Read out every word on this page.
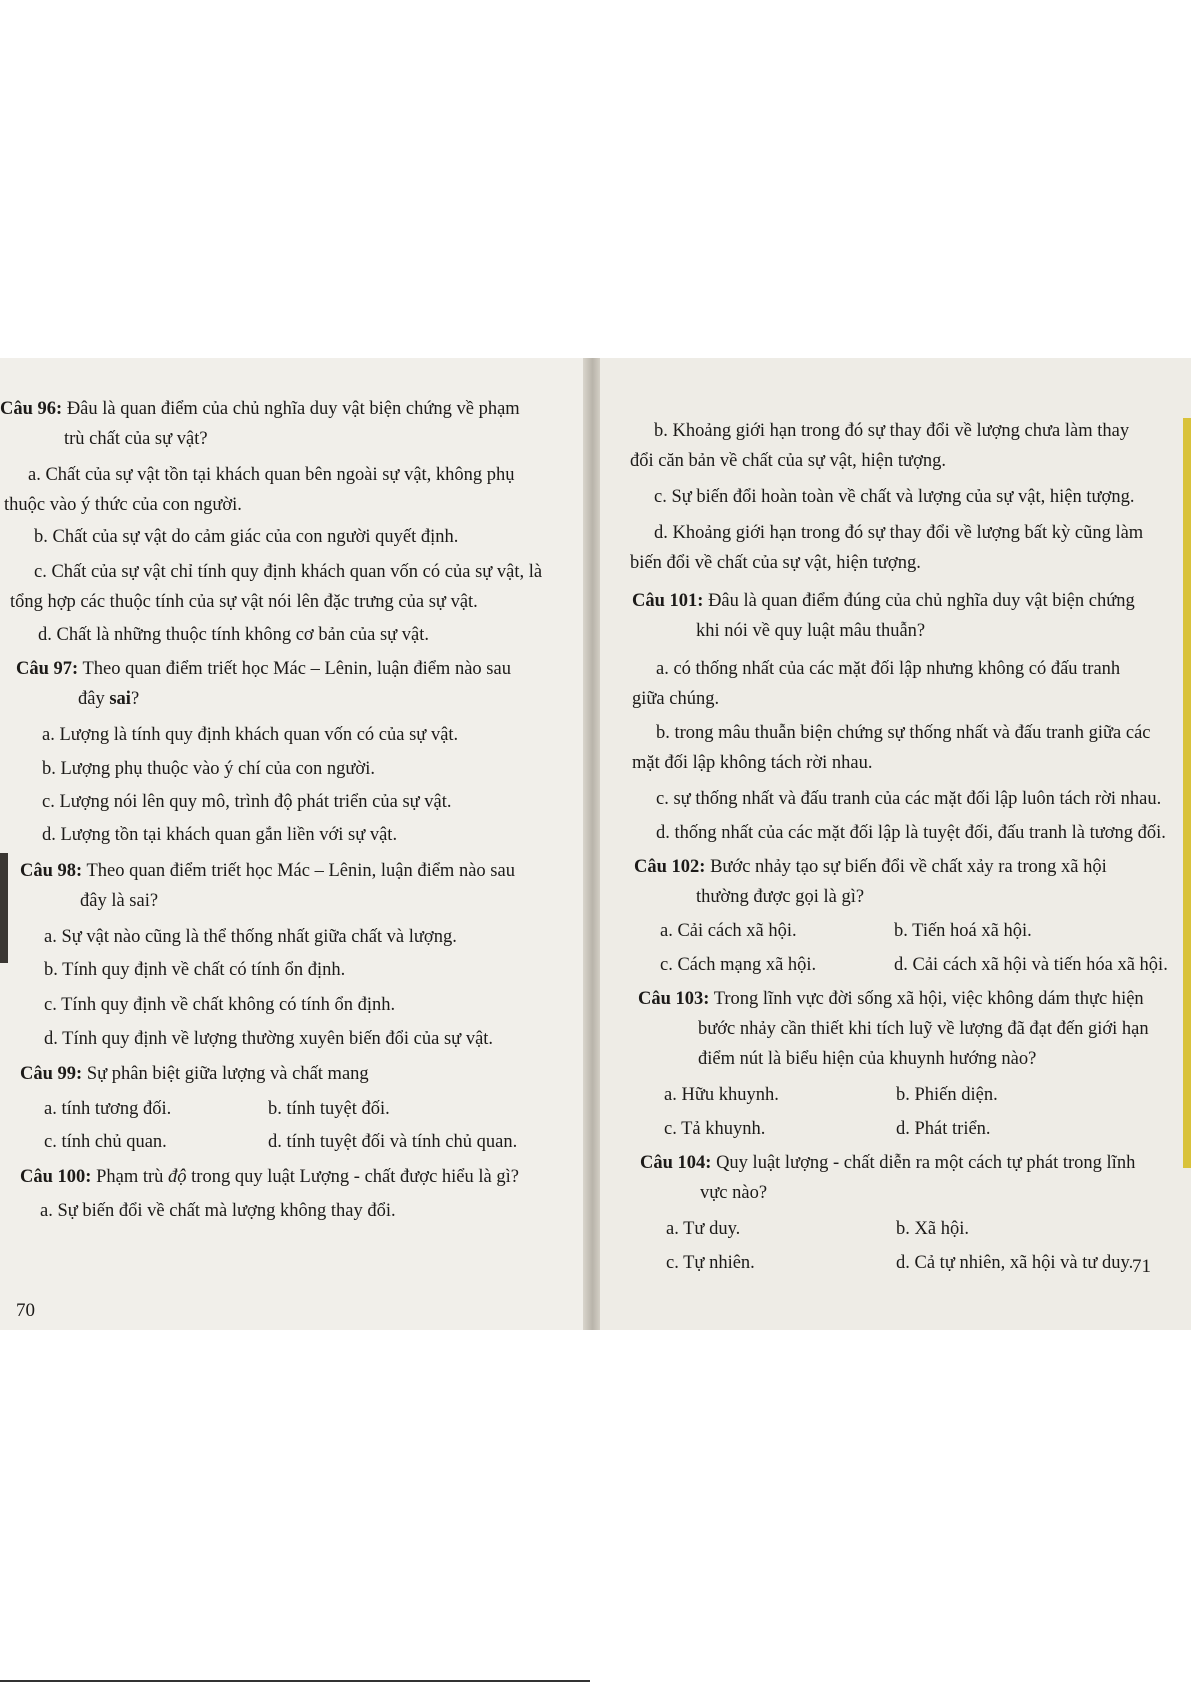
Câu 96: Đâu là quan điểm của chủ nghĩa duy vật biện chứng về phạm
trù chất của sự vật?
a. Chất của sự vật tồn tại khách quan bên ngoài sự vật, không phụ
thuộc vào ý thức của con người.
b. Chất của sự vật do cảm giác của con người quyết định.
c. Chất của sự vật chỉ tính quy định khách quan vốn có của sự vật, là
tổng hợp các thuộc tính của sự vật nói lên đặc trưng của sự vật.
d. Chất là những thuộc tính không cơ bản của sự vật.
Câu 97: Theo quan điểm triết học Mác – Lênin, luận điểm nào sau
đây sai?
a. Lượng là tính quy định khách quan vốn có của sự vật.
b. Lượng phụ thuộc vào ý chí của con người.
c. Lượng nói lên quy mô, trình độ phát triển của sự vật.
d. Lượng tồn tại khách quan gắn liền với sự vật.
Câu 98: Theo quan điểm triết học Mác – Lênin, luận điểm nào sau
đây là sai?
a. Sự vật nào cũng là thể thống nhất giữa chất và lượng.
b. Tính quy định về chất có tính ổn định.
c. Tính quy định về chất không có tính ổn định.
d. Tính quy định về lượng thường xuyên biến đổi của sự vật.
Câu 99: Sự phân biệt giữa lượng và chất mang
a. tính tương đối.	b. tính tuyệt đối.
c. tính chủ quan.	d. tính tuyệt đối và tính chủ quan.
Câu 100: Phạm trù độ trong quy luật Lượng - chất được hiểu là gì?
a. Sự biến đổi về chất mà lượng không thay đổi.
70
b. Khoảng giới hạn trong đó sự thay đổi về lượng chưa làm thay
đổi căn bản về chất của sự vật, hiện tượng.
c. Sự biến đổi hoàn toàn về chất và lượng của sự vật, hiện tượng.
d. Khoảng giới hạn trong đó sự thay đổi về lượng bất kỳ cũng làm
biến đổi về chất của sự vật, hiện tượng.
Câu 101: Đâu là quan điểm đúng của chủ nghĩa duy vật biện chứng
khi nói về quy luật mâu thuẫn?
a. có thống nhất của các mặt đối lập nhưng không có đấu tranh
giữa chúng.
b. trong mâu thuẫn biện chứng sự thống nhất và đấu tranh giữa các
mặt đối lập không tách rời nhau.
c. sự thống nhất và đấu tranh của các mặt đối lập luôn tách rời nhau.
d. thống nhất của các mặt đối lập là tuyệt đối, đấu tranh là tương đối.
Câu 102: Bước nhảy tạo sự biến đổi về chất xảy ra trong xã hội
thường được gọi là gì?
a. Cải cách xã hội.	b. Tiến hoá xã hội.
c. Cách mạng xã hội.	d. Cải cách xã hội và tiến hóa xã hội.
Câu 103: Trong lĩnh vực đời sống xã hội, việc không dám thực hiện
bước nhảy cần thiết khi tích luỹ về lượng đã đạt đến giới hạn
điểm nút là biểu hiện của khuynh hướng nào?
a. Hữu khuynh.	b. Phiến diện.
c. Tả khuynh.	d. Phát triển.
Câu 104: Quy luật lượng - chất diễn ra một cách tự phát trong lĩnh
vực nào?
a. Tư duy.	b. Xã hội.
c. Tự nhiên.	d. Cả tự nhiên, xã hội và tư duy.
71
